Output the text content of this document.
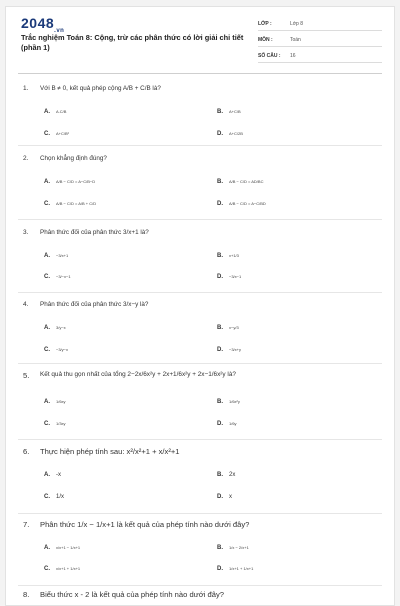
$2048_{.vn}$
Trắc nghiệm Toán 8: Cộng, trừ các phân thức có lời giải chi tiết (phần 1)
LỚP :	Lớp 8
MÔN :	Toán
SỐ CÂU : 16
1. Với B ≠ 0, kết quả phép cộng A/B + C/B là?
A. A.C/B	B. A+C/B
C. A+C/B²	D. A+C/2B
2. Chọn khẳng định đúng?
A. A/B − C/D = A−C/B−D	B. A/B − C/D = AD/BC
C. A/B − C/D = A/B + C/D	D. A/B − C/D = A−C/BD
3. Phân thức đối của phân thức 3/x+1 là?
A. −3/x+1	B. x+1/3
C. −3/−x−1	D. −3/x−1
4. Phân thức đối của phân thức 3/x−y là?
A. 3/y−x	B. x−y/3
C. −3/y−x	D. −3/x+y
5. Kết quả thu gọn nhất của tổng 2−2x/6x²y + 2x+1/6x²y + 2x−1/6x²y là?
A. 1/6xy	B. 1/6x²y
C. 1/3xy	D. 1/6y
6. Thực hiện phép tính sau: x²/x²+1 + x/x²+1
A. -x	B. 2x
C. 1/x	D. x
7. Phân thức 1/x − 1/x+1 là kết quả của phép tính nào dưới đây?
A. x/x+1 − 1/x+1	B. 1/x − 2/x+1
C. x/x+1 + 1/x+1	D. 1/x+1 + 1/x+1
8. Biểu thức x - 2 là kết quả của phép tính nào dưới đây?
